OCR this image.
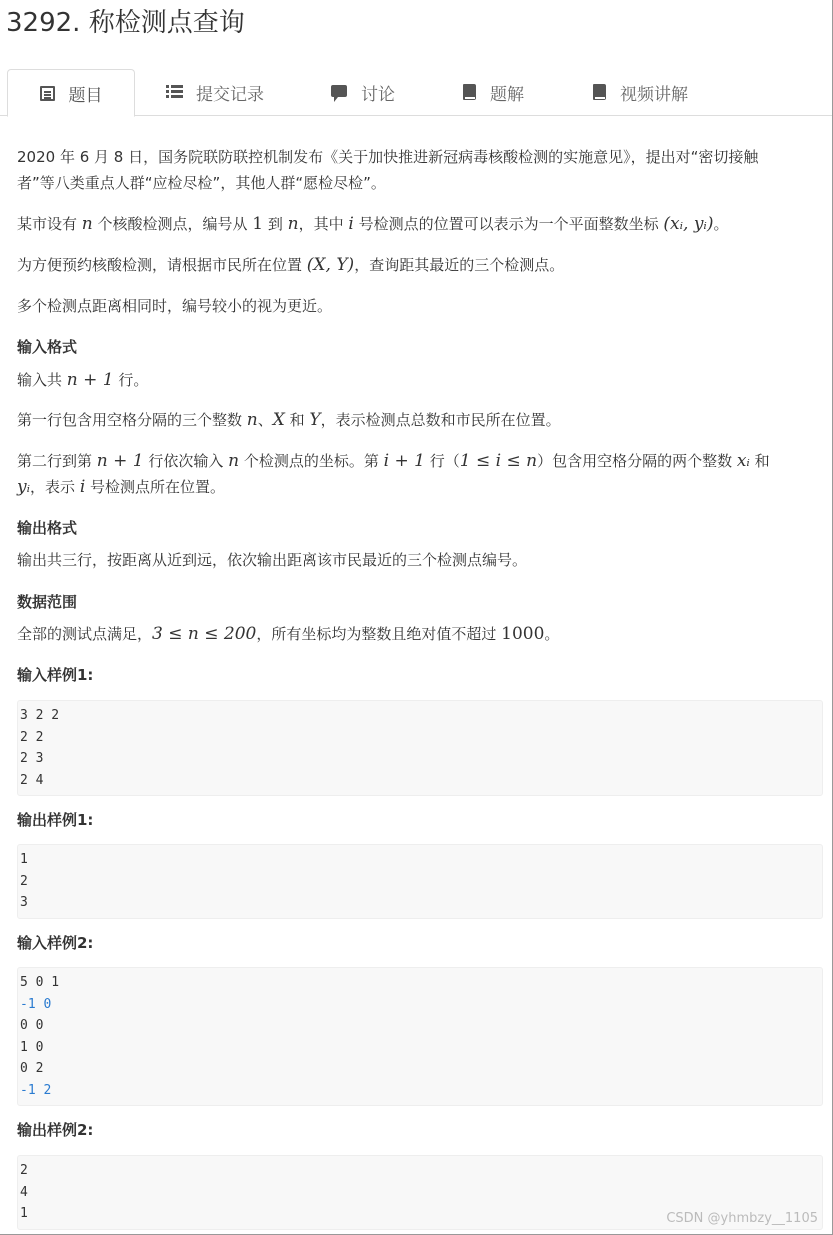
3292. 称检测点查询
题目	提交记录	讨论	题解	视频讲解
2020 年 6 月 8 日，国务院联防联控机制发布《关于加快推进新冠病毒核酸检测的实施意见》，提出对“密切接触
者”等八类重点人群“应检尽检”，其他人群“愿检尽检”。
某市设有 n 个核酸检测点，编号从 1 到 n，其中 i 号检测点的位置可以表示为一个平面整数坐标 (xᵢ, yᵢ)。
为方便预约核酸检测，请根据市民所在位置 (X, Y)，查询距其最近的三个检测点。
多个检测点距离相同时，编号较小的视为更近。
输入格式
输入共 n + 1 行。
第一行包含用空格分隔的三个整数 n、X 和 Y，表示检测点总数和市民所在位置。
第二行到第 n + 1 行依次输入 n 个检测点的坐标。第 i + 1 行（1 ≤ i ≤ n）包含用空格分隔的两个整数 xᵢ 和
yᵢ，表示 i 号检测点所在位置。
输出格式
输出共三行，按距离从近到远，依次输出距离该市民最近的三个检测点编号。
数据范围
全部的测试点满足，3 ≤ n ≤ 200，所有坐标均为整数且绝对值不超过 1000。
输入样例1:
3 2 2
2 2
2 3
2 4
输出样例1:
1
2
3
输入样例2:
5 0 1
-1 0
0 0
1 0
0 2
-1 2
输出样例2:
2
4
1	CSDN @yhmbzy__1105
